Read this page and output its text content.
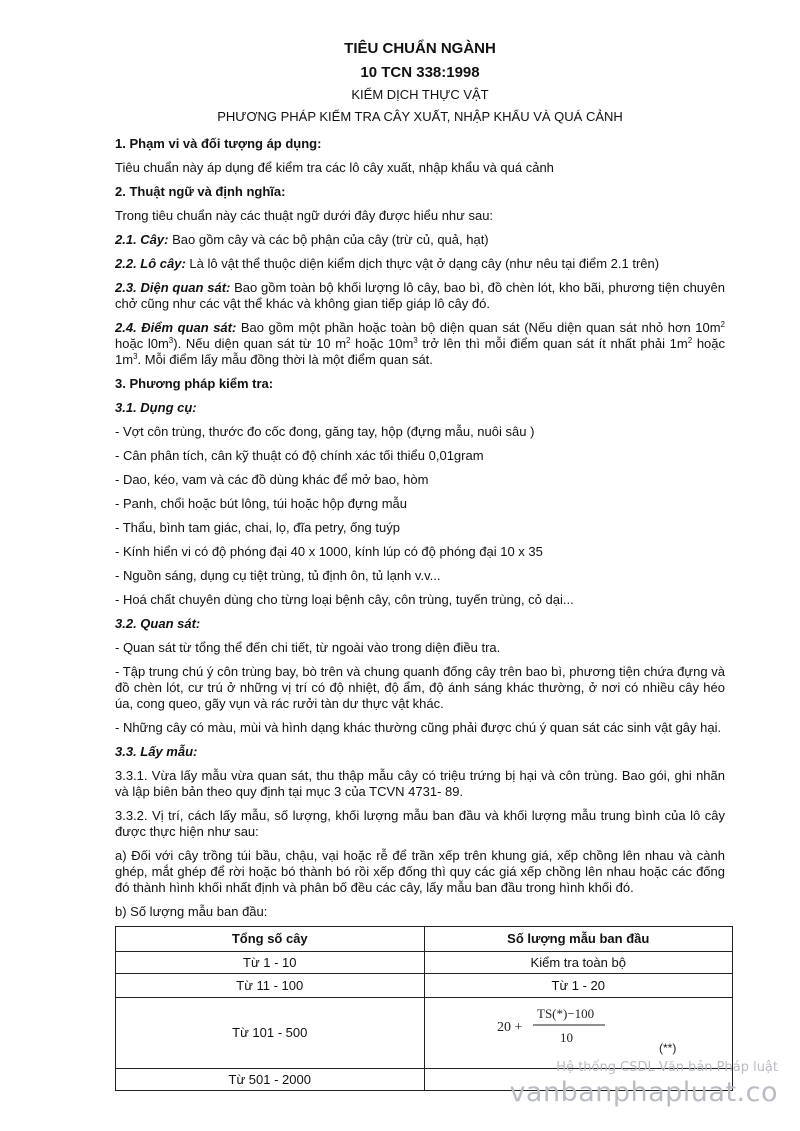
TIÊU CHUẨN NGÀNH
10 TCN 338:1998
KIỂM DỊCH THỰC VẬT
PHƯƠNG PHÁP KIỂM TRA CÂY XUẤT, NHẬP KHẨU VÀ QUÁ CẢNH

1. Phạm vi và đối tượng áp dụng:

Tiêu chuẩn này áp dụng để kiểm tra các lô cây xuất, nhập khẩu và quá cảnh

2. Thuật ngữ và định nghĩa:

Trong tiêu chuẩn này các thuật ngữ dưới đây được hiểu như sau:

2.1. Cây: Bao gồm cây và các bộ phận của cây (trừ củ, quả, hạt)

2.2. Lô cây: Là lô vật thể thuộc diện kiểm dịch thực vật ở dạng cây (như nêu tại điểm 2.1 trên)

2.3. Diện quan sát: Bao gồm toàn bộ khối lượng lô cây, bao bì, đồ chèn lót, kho bãi, phương tiện chuyên chở cũng như các vật thể khác và không gian tiếp giáp lô cây đó.

2.4. Điểm quan sát: Bao gồm một phần hoặc toàn bộ diện quan sát (Nếu diện quan sát nhỏ hơn $10m^2$ hoặc $l0m^3$). Nếu diện quan sát từ 10 $m^2$ hoặc $10m^3$ trở lên thì mỗi điểm quan sát ít nhất phải $1m^2$ hoặc $1m^3$. Mỗi điểm lấy mẫu đồng thời là một điểm quan sát.

3. Phương pháp kiểm tra:

3.1. Dụng cụ:

- Vợt côn trùng, thước đo cốc đong, găng tay, hộp (đựng mẫu, nuôi sâu )

- Cân phân tích, cân kỹ thuật có độ chính xác tối thiểu 0,01gram

- Dao, kéo, vam và các đồ dùng khác để mở bao, hòm

- Panh, chổi hoặc bút lông, túi hoặc hộp đựng mẫu

- Thẩu, bình tam giác, chai, lọ, đĩa petry, ống tuýp

- Kính hiển vi có độ phóng đại 40 x 1000, kính lúp có độ phóng đại 10 x 35

- Nguồn sáng, dụng cụ tiệt trùng, tủ định ôn, tủ lạnh v.v...

- Hoá chất chuyên dùng cho từng loại bệnh cây, côn trùng, tuyến trùng, cỏ dại...

3.2. Quan sát:

- Quan sát từ tổng thể đến chi tiết, từ ngoài vào trong diện điều tra.

- Tập trung chú ý côn trùng bay, bò trên và chung quanh đống cây trên bao bì, phương tiện chứa đựng và đồ chèn lót, cư trú ở những vị trí có độ nhiệt, độ ẩm, độ ánh sáng khác thường, ở nơi có nhiều cây héo úa, cong queo, gãy vụn và rác rưởi tàn dư thực vật khác.

- Những cây có màu, mùi và hình dạng khác thường cũng phải được chú ý quan sát các sinh vật gây hại.

3.3. Lấy mẫu:

3.3.1. Vừa lấy mẫu vừa quan sát, thu thập mẫu cây có triệu trứng bị hại và côn trùng. Bao gói, ghi nhãn và lập biên bản theo quy định tại mục 3 của TCVN 4731- 89.

3.3.2. Vị trí, cách lấy mẫu, số lượng, khối lượng mẫu ban đầu và khối lượng mẫu trung bình của lô cây được thực hiện như sau:

a) Đối với cây trồng túi bầu, chậu, vại hoặc rễ để trần xếp trên khung giá, xếp chồng lên nhau và cành ghép, mắt ghép để rời hoặc bó thành bó rồi xếp đống thì quy các giá xếp chồng lên nhau hoặc các đống đó thành hình khối nhất định và phân bố đều các cây, lấy mẫu ban đầu trong hình khối đó.

b) Số lượng mẫu ban đầu:

Tổng số cây	Số lượng mẫu ban đầu
Từ 1 - 10	Kiểm tra toàn bộ
Từ 11 - 100	Từ 1 - 20
Từ 101 - 500	20 +
TS(*)−100
10
(**)

Từ 501 - 2000	
Hệ thống CSDL Văn bản Pháp luật
vanbanphapluat.co
